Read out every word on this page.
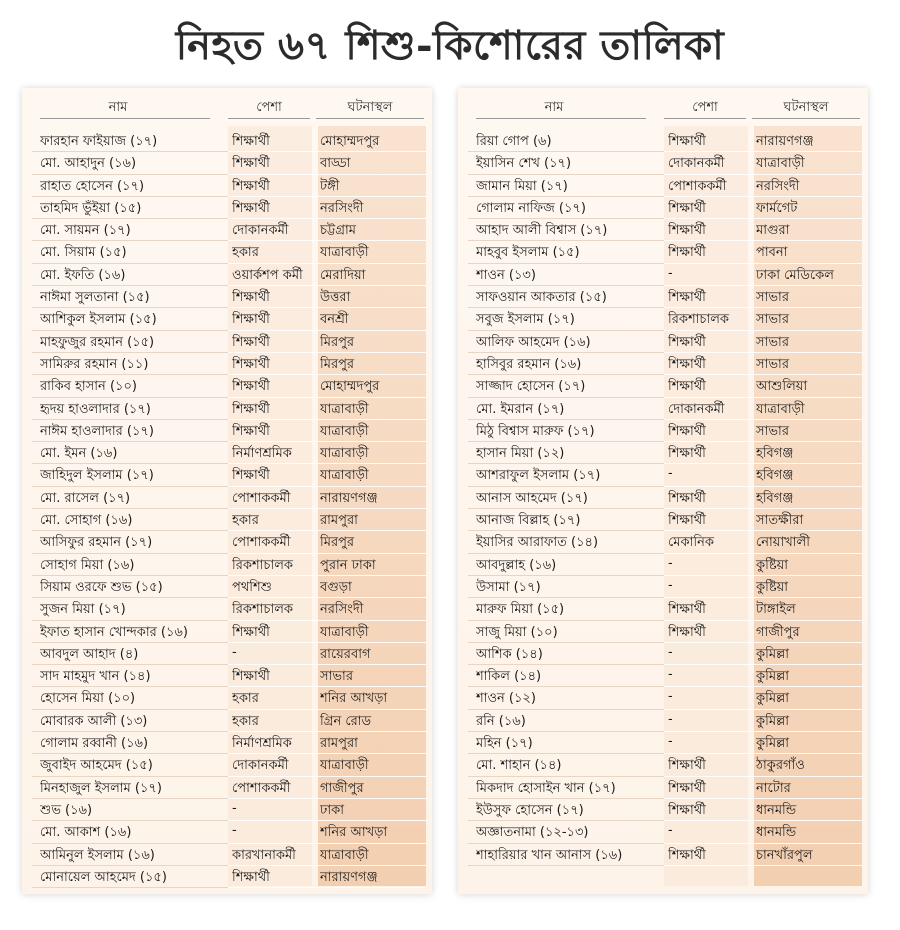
নিহত ৬৭ শিশু-কিশোরের তালিকা
নাম	পেশা	ঘটনাস্থল
ফারহান ফাইয়াজ (১৭)	শিক্ষার্থী	মোহাম্মদপুর
মো. আহাদুন (১৬)	শিক্ষার্থী	বাড্ডা
রাহাত হোসেন (১৭)	শিক্ষার্থী	টঙ্গী
তাহমিদ ভুঁইয়া (১৫)	শিক্ষার্থী	নরসিংদী
মো. সায়মন (১৭)	দোকানকর্মী	চট্টগ্রাম
মো. সিয়াম (১৫)	হকার	যাত্রাবাড়ী
মো. ইফতি (১৬)	ওয়ার্কশপ কর্মী	মেরাদিয়া
নাঈমা সুলতানা (১৫)	শিক্ষার্থী	উত্তরা
আশিকুল ইসলাম (১৫)	শিক্ষার্থী	বনশ্রী
মাহফুজুর রহমান (১৫)	শিক্ষার্থী	মিরপুর
সামিরুর রহমান (১১)	শিক্ষার্থী	মিরপুর
রাকিব হাসান (১০)	শিক্ষার্থী	মোহাম্মদপুর
হৃদয় হাওলাদার (১৭)	শিক্ষার্থী	যাত্রাবাড়ী
নাঈম হাওলাদার (১৭)	শিক্ষার্থী	যাত্রাবাড়ী
মো. ইমন (১৬)	নির্মাণশ্রমিক	যাত্রাবাড়ী
জাহিদুল ইসলাম (১৭)	শিক্ষার্থী	যাত্রাবাড়ী
মো. রাসেল (১৭)	পোশাককর্মী	নারায়ণগঞ্জ
মো. সোহাগ (১৬)	হকার	রামপুরা
আসিফুর রহমান (১৭)	পোশাককর্মী	মিরপুর
সোহাগ মিয়া (১৬)	রিকশাচালক	পুরান ঢাকা
সিয়াম ওরফে শুভ (১৫)	পথশিশু	বগুড়া
সুজন মিয়া (১৭)	রিকশাচালক	নরসিংদী
ইফাত হাসান খোন্দকার (১৬)	শিক্ষার্থী	যাত্রাবাড়ী
আবদুল আহাদ (৪)	-	রায়েরবাগ
সাদ মাহমুদ খান (১৪)	শিক্ষার্থী	সাভার
হোসেন মিয়া (১০)	হকার	শনির আখড়া
মোবারক আলী (১৩)	হকার	গ্রিন রোড
গোলাম রব্বানী (১৬)	নির্মাণশ্রমিক	রামপুরা
জুবাইদ আহমেদ (১৫)	দোকানকর্মী	যাত্রাবাড়ী
মিনহাজুল ইসলাম (১৭)	পোশাককর্মী	গাজীপুর
শুভ (১৬)	-	ঢাকা
মো. আকাশ (১৬)	-	শনির আখড়া
আমিনুল ইসলাম (১৬)	কারখানাকর্মী	যাত্রাবাড়ী
মোনায়েল আহমেদ (১৫)	শিক্ষার্থী	নারায়ণগঞ্জ
নাম	পেশা	ঘটনাস্থল
রিয়া গোপ (৬)	শিক্ষার্থী	নারায়ণগঞ্জ
ইয়াসিন শেখ (১৭)	দোকানকর্মী	যাত্রাবাড়ী
জামান মিয়া (১৭)	পোশাককর্মী	নরসিংদী
গোলাম নাফিজ (১৭)	শিক্ষার্থী	ফার্মগেট
আহাদ আলী বিশ্বাস (১৭)	শিক্ষার্থী	মাগুরা
মাহবুব ইসলাম (১৫)	শিক্ষার্থী	পাবনা
শাওন (১৩)	-	ঢাকা মেডিকেল
সাফওয়ান আকতার (১৫)	শিক্ষার্থী	সাভার
সবুজ ইসলাম (১৭)	রিকশাচালক	সাভার
আলিফ আহমেদ (১৬)	শিক্ষার্থী	সাভার
হাসিবুর রহমান (১৬)	শিক্ষার্থী	সাভার
সাজ্জাদ হোসেন (১৭)	শিক্ষার্থী	আশুলিয়া
মো. ইমরান (১৭)	দোকানকর্মী	যাত্রাবাড়ী
মিঠু বিশ্বাস মারুফ (১৭)	শিক্ষার্থী	সাভার
হাসান মিয়া (১২)	শিক্ষার্থী	হবিগঞ্জ
আশরাফুল ইসলাম (১৭)	-	হবিগঞ্জ
আনাস আহমেদ (১৭)	শিক্ষার্থী	হবিগঞ্জ
আনাজ বিল্লাহ (১৭)	শিক্ষার্থী	সাতক্ষীরা
ইয়াসির আরাফাত (১৪)	মেকানিক	নোয়াখালী
আবদুল্লাহ (১৬)	-	কুষ্টিয়া
উসামা (১৭)	-	কুষ্টিয়া
মারুফ মিয়া (১৫)	শিক্ষার্থী	টাঙ্গাইল
সাজু মিয়া (১০)	শিক্ষার্থী	গাজীপুর
আশিক (১৪)	-	কুমিল্লা
শাকিল (১৪)	-	কুমিল্লা
শাওন (১২)	-	কুমিল্লা
রনি (১৬)	-	কুমিল্লা
মহিন (১৭)	-	কুমিল্লা
মো. শাহান (১৪)	শিক্ষার্থী	ঠাকুরগাঁও
মিকদাদ হোসাইন খান (১৭)	শিক্ষার্থী	নাটোর
ইউসুফ হোসেন (১৭)	শিক্ষার্থী	ধানমন্ডি
অজ্ঞাতনামা (১২-১৩)	-	ধানমন্ডি
শাহারিয়ার খান আনাস (১৬)	শিক্ষার্থী	চানখাঁরপুল
